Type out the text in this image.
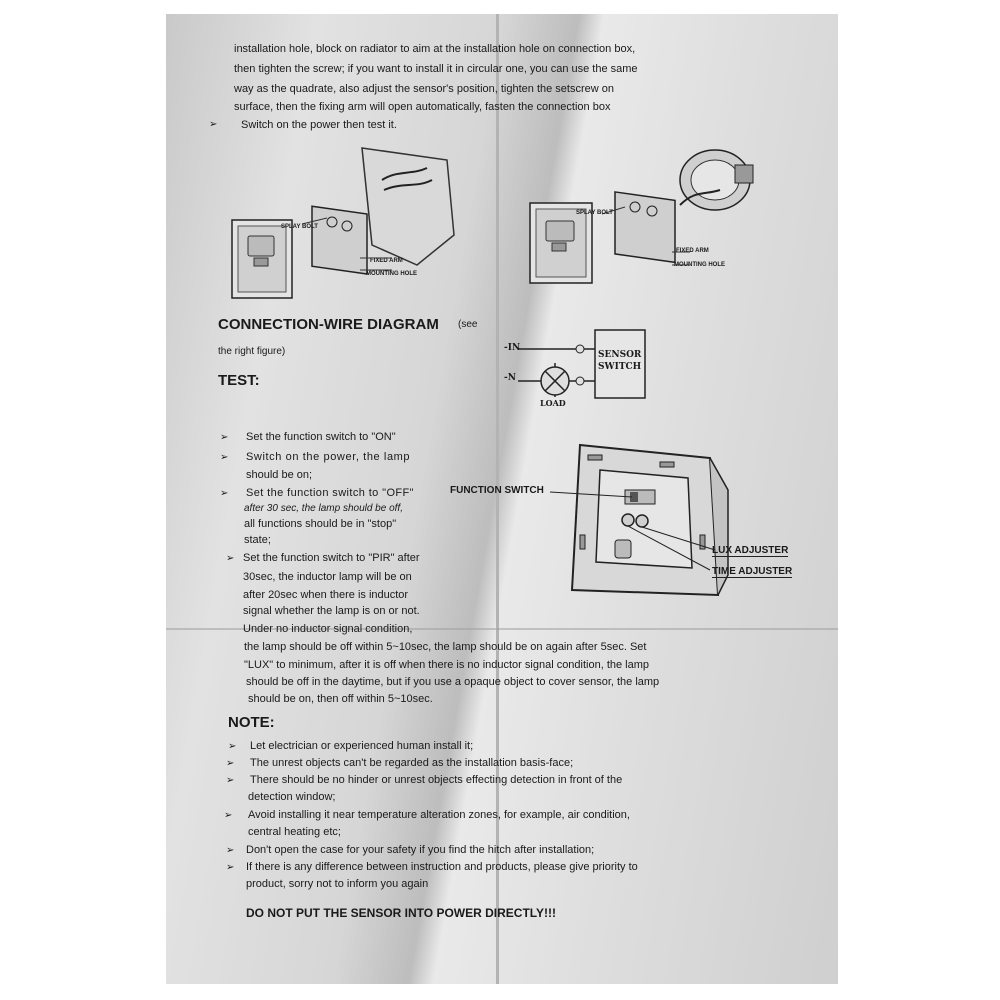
installation hole, block on radiator to aim at the installation hole on connection box,
then tighten the screw; if you want to install it in circular one, you can use the same
way as the quadrate, also adjust the sensor's position, tighten the setscrew on
surface, then the fixing arm will open automatically, fasten the connection box
➢ Switch on the power then test it.
SPLAY BOLT
FIXED ARM
MOUNTING HOLE
SPLAY BOLT
FIXED ARM
MOUNTING HOLE
CONNECTION-WIRE DIAGRAM (see
the right figure)	-IN
-N
LOAD
SENSOR
SWITCH
TEST:
➢ Set the function switch to "ON"
➢ Switch on the power, the lamp
should be on;
➢ Set the function switch to "OFF"
after 30 sec, the lamp should be off,
all functions should be in "stop"
state;
➢ Set the function switch to "PIR" after
30sec, the inductor lamp will be on
after 20sec when there is inductor
signal whether the lamp is on or not.
Under no inductor signal condition,
the lamp should be off within 5~10sec, the lamp should be on again after 5sec. Set
"LUX" to minimum, after it is off when there is no inductor signal condition, the lamp
should be off in the daytime, but if you use a opaque object to cover sensor, the lamp
should be on, then off within 5~10sec.
FUNCTION SWITCH
LUX ADJUSTER
TIME ADJUSTER
NOTE:
➢ Let electrician or experienced human install it;
➢ The unrest objects can't be regarded as the installation basis-face;
➢ There should be no hinder or unrest objects effecting detection in front of the
detection window;
➢ Avoid installing it near temperature alteration zones, for example, air condition,
central heating etc;
➢ Don't open the case for your safety if you find the hitch after installation;
➢ If there is any difference between instruction and products, please give priority to
product, sorry not to inform you again
DO NOT PUT THE SENSOR INTO POWER DIRECTLY!!!
